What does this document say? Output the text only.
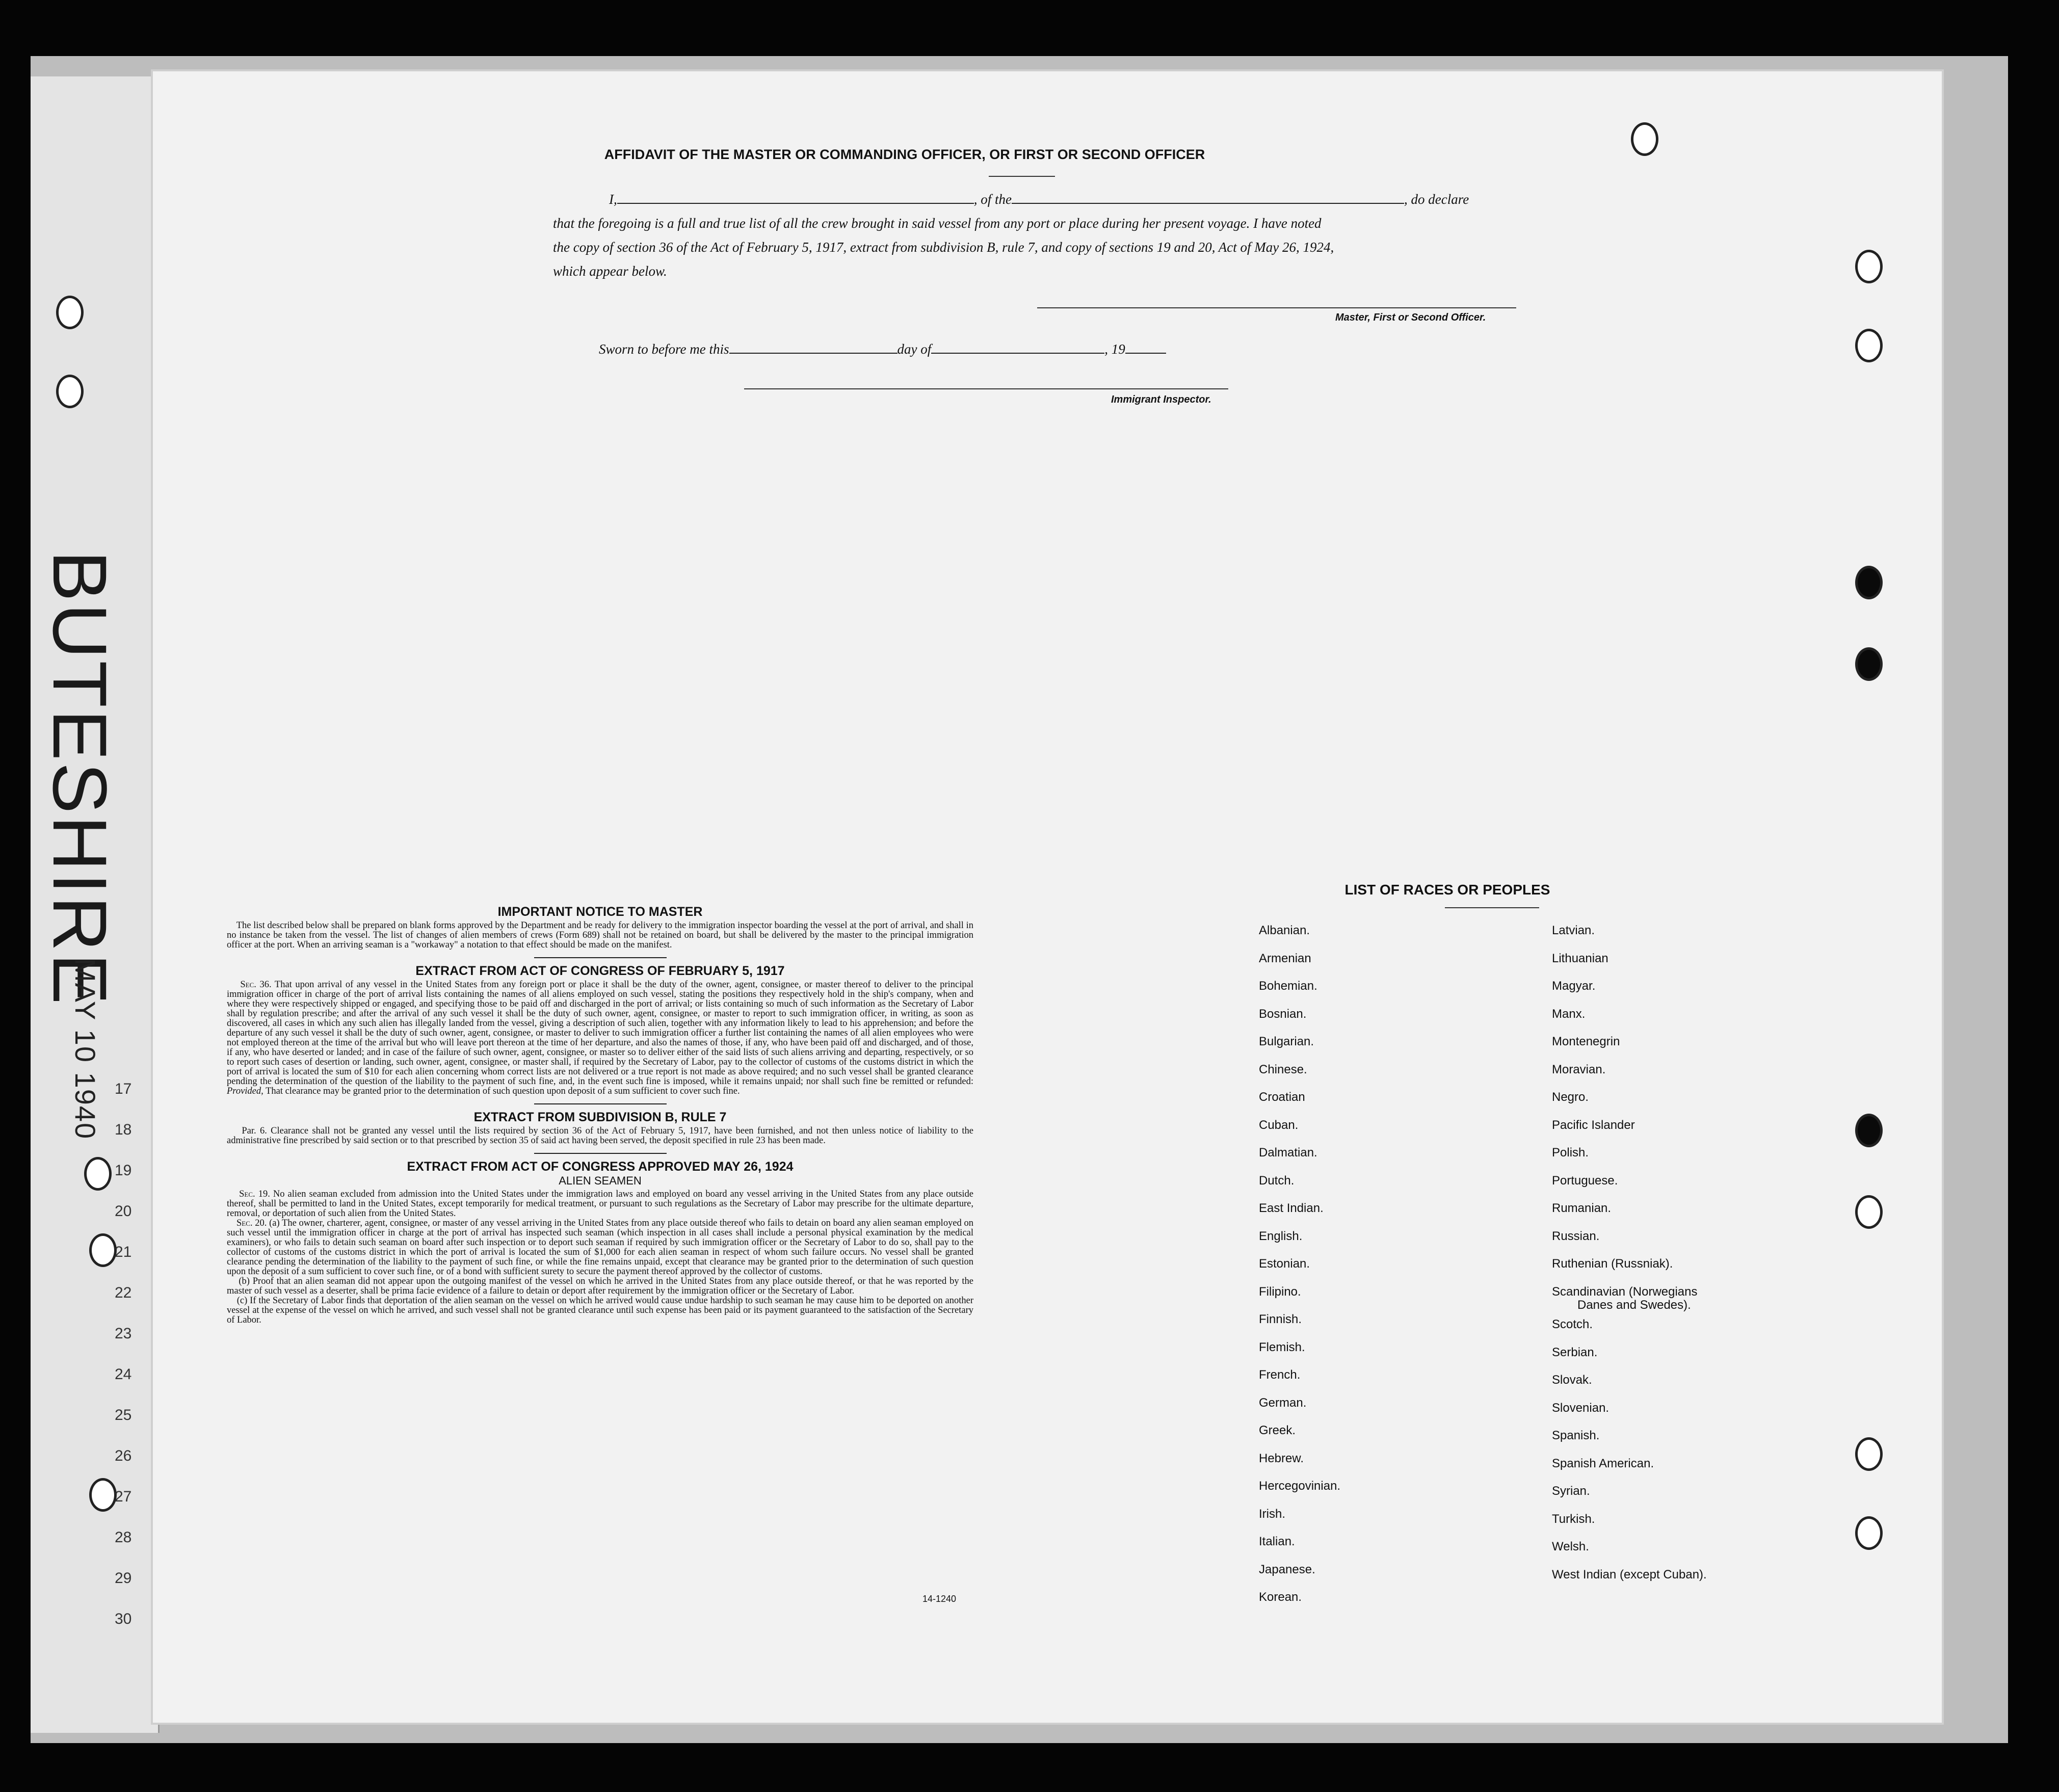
BUTESHIRE
MAY 10 1940 17
18
19
20
21
22
23
24
25
26
27
28
29
30
AFFIDAVIT OF THE MASTER OR COMMANDING OFFICER, OR FIRST OR SECOND OFFICER
I,	, of the	, do declare
that the foregoing is a full and true list of all the crew brought in said vessel from any port or place during her present voyage. I have noted
the copy of section 36 of the Act of February 5, 1917, extract from subdivision B, rule 7, and copy of sections 19 and 20, Act of May 26, 1924,
which appear below.
Master, First or Second Officer.
Sworn to before me this	day of	, 19
Immigrant Inspector.
IMPORTANT NOTICE TO MASTER

The list described below shall be prepared on blank forms approved by the Department and be ready for delivery to the immigration inspector boarding the vessel at the port of arrival, and shall in no instance be taken from the vessel. The list of changes of alien members of crews (Form 689) shall not be retained on board, but shall be delivered by the master to the principal immigration officer at the port. When an arriving seaman is a "workaway" a notation to that effect should be made on the manifest.

EXTRACT FROM ACT OF CONGRESS OF FEBRUARY 5, 1917

Sec. 36. That upon arrival of any vessel in the United States from any foreign port or place it shall be the duty of the owner, agent, consignee, or master thereof to deliver to the principal immigration officer in charge of the port of arrival lists containing the names of all aliens employed on such vessel, stating the positions they respectively hold in the ship's company, when and where they were respectively shipped or engaged, and specifying those to be paid off and discharged in the port of arrival; or lists containing so much of such information as the Secretary of Labor shall by regulation prescribe; and after the arrival of any such vessel it shall be the duty of such owner, agent, consignee, or master to report to such immigration officer, in writing, as soon as discovered, all cases in which any such alien has illegally landed from the vessel, giving a description of such alien, together with any information likely to lead to his apprehension; and before the departure of any such vessel it shall be the duty of such owner, agent, consignee, or master to deliver to such immigration officer a further list containing the names of all alien employees who were not employed thereon at the time of the arrival but who will leave port thereon at the time of her departure, and also the names of those, if any, who have been paid off and discharged, and of those, if any, who have deserted or landed; and in case of the failure of such owner, agent, consignee, or master so to deliver either of the said lists of such aliens arriving and departing, respectively, or so to report such cases of desertion or landing, such owner, agent, consignee, or master shall, if required by the Secretary of Labor, pay to the collector of customs of the customs district in which the port of arrival is located the sum of $10 for each alien concerning whom correct lists are not delivered or a true report is not made as above required; and no such vessel shall be granted clearance pending the determination of the question of the liability to the payment of such fine, and, in the event such fine is imposed, while it remains unpaid; nor shall such fine be remitted or refunded: Provided, That clearance may be granted prior to the determination of such question upon deposit of a sum sufficient to cover such fine.

EXTRACT FROM SUBDIVISION B, RULE 7

Par. 6. Clearance shall not be granted any vessel until the lists required by section 36 of the Act of February 5, 1917, have been furnished, and not then unless notice of liability to the administrative fine prescribed by said section or to that prescribed by section 35 of said act having been served, the deposit specified in rule 23 has been made.

EXTRACT FROM ACT OF CONGRESS APPROVED MAY 26, 1924
ALIEN SEAMEN

Sec. 19. No alien seaman excluded from admission into the United States under the immigration laws and employed on board any vessel arriving in the United States from any place outside thereof, shall be permitted to land in the United States, except temporarily for medical treatment, or pursuant to such regulations as the Secretary of Labor may prescribe for the ultimate departure, removal, or deportation of such alien from the United States.

Sec. 20. (a) The owner, charterer, agent, consignee, or master of any vessel arriving in the United States from any place outside thereof who fails to detain on board any alien seaman employed on such vessel until the immigration officer in charge at the port of arrival has inspected such seaman (which inspection in all cases shall include a personal physical examination by the medical examiners), or who fails to detain such seaman on board after such inspection or to deport such seaman if required by such immigration officer or the Secretary of Labor to do so, shall pay to the collector of customs of the customs district in which the port of arrival is located the sum of $1,000 for each alien seaman in respect of whom such failure occurs. No vessel shall be granted clearance pending the determination of the liability to the payment of such fine, or while the fine remains unpaid, except that clearance may be granted prior to the determination of such question upon the deposit of a sum sufficient to cover such fine, or of a bond with sufficient surety to secure the payment thereof approved by the collector of customs.

(b) Proof that an alien seaman did not appear upon the outgoing manifest of the vessel on which he arrived in the United States from any place outside thereof, or that he was reported by the master of such vessel as a deserter, shall be prima facie evidence of a failure to detain or deport after requirement by the immigration officer or the Secretary of Labor.

(c) If the Secretary of Labor finds that deportation of the alien seaman on the vessel on which he arrived would cause undue hardship to such seaman he may cause him to be deported on another vessel at the expense of the vessel on which he arrived, and such vessel shall not be granted clearance until such expense has been paid or its payment guaranteed to the satisfaction of the Secretary of Labor.

14-1240
LIST OF RACES OR PEOPLES
Albanian.
Armenian
Bohemian.
Bosnian.
Bulgarian.
Chinese.
Croatian
Cuban.
Dalmatian.
Dutch.
East Indian.
English.
Estonian.
Filipino.
Finnish.
Flemish.
French.
German.
Greek.
Hebrew.
Hercegovinian.
Irish.
Italian.
Japanese.
Korean.
Latvian.
Lithuanian
Magyar.
Manx.
Montenegrin
Moravian.
Negro.
Pacific Islander
Polish.
Portuguese.
Rumanian.
Russian.
Ruthenian (Russniak).
Scandinavian (Norwegians
Danes and Swedes).
Scotch.
Serbian.
Slovak.
Slovenian.
Spanish.
Spanish American.
Syrian.
Turkish.
Welsh.
West Indian (except Cuban).
